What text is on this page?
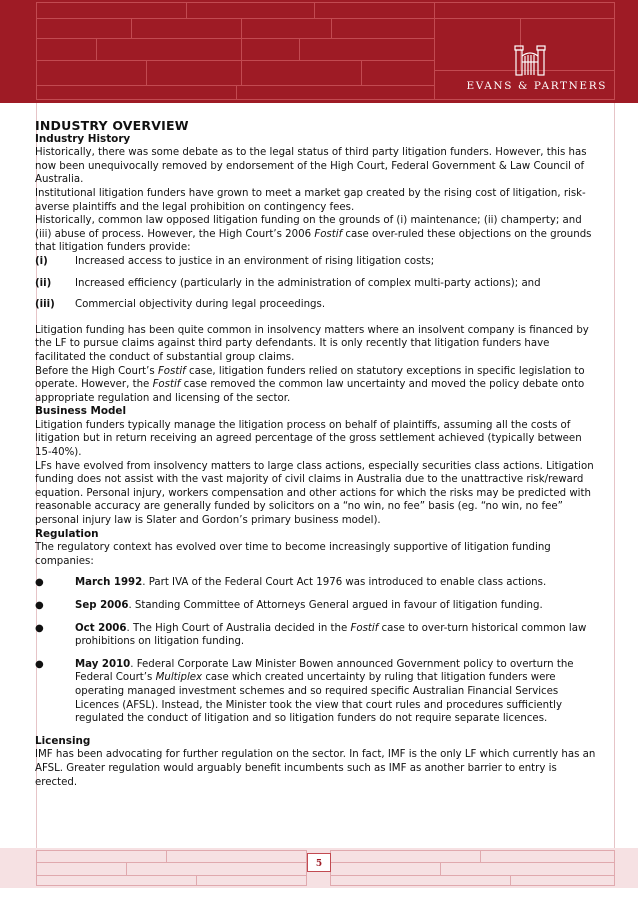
EVANS & PARTNERS

INDUSTRY OVERVIEW

Industry History

Historically, there was some debate as to the legal status of third party litigation funders. However, this has now been unequivocally removed by endorsement of the High Court, Federal Government & Law Council of Australia.

Institutional litigation funders have grown to meet a market gap created by the rising cost of litigation, risk-averse plaintiffs and the legal prohibition on contingency fees.

Historically, common law opposed litigation funding on the grounds of (i) maintenance; (ii) champerty; and (iii) abuse of process. However, the High Court’s 2006 Fostif case over-ruled these objections on the grounds that litigation funders provide:

(i)	Increased access to justice in an environment of rising litigation costs;
(ii)	Increased efficiency (particularly in the administration of complex multi-party actions); and
(iii)	Commercial objectivity during legal proceedings.

Litigation funding has been quite common in insolvency matters where an insolvent company is financed by the LF to pursue claims against third party defendants. It is only recently that litigation funders have facilitated the conduct of substantial group claims.

Before the High Court’s Fostif case, litigation funders relied on statutory exceptions in specific legislation to operate. However, the Fostif case removed the common law uncertainty and moved the policy debate onto appropriate regulation and licensing of the sector.

Business Model

Litigation funders typically manage the litigation process on behalf of plaintiffs, assuming all the costs of litigation but in return receiving an agreed percentage of the gross settlement achieved (typically between 15-40%).

LFs have evolved from insolvency matters to large class actions, especially securities class actions. Litigation funding does not assist with the vast majority of civil claims in Australia due to the unattractive risk/reward equation. Personal injury, workers compensation and other actions for which the risks may be predicted with reasonable accuracy are generally funded by solicitors on a “no win, no fee” basis (eg. “no win, no fee” personal injury law is Slater and Gordon’s primary business model).

Regulation

The regulatory context has evolved over time to become increasingly supportive of litigation funding companies:

●	March 1992. Part IVA of the Federal Court Act 1976 was introduced to enable class actions.
●	Sep 2006. Standing Committee of Attorneys General argued in favour of litigation funding.
●	Oct 2006. The High Court of Australia decided in the Fostif case to over-turn historical common law prohibitions on litigation funding.
●	May 2010. Federal Corporate Law Minister Bowen announced Government policy to overturn the Federal Court’s Multiplex case which created uncertainty by ruling that litigation funders were operating managed investment schemes and so required specific Australian Financial Services Licences (AFSL). Instead, the Minister took the view that court rules and procedures sufficiently regulated the conduct of litigation and so litigation funders do not require separate licences.

Licensing

IMF has been advocating for further regulation on the sector. In fact, IMF is the only LF which currently has an AFSL. Greater regulation would arguably benefit incumbents such as IMF as another barrier to entry is erected.

5
